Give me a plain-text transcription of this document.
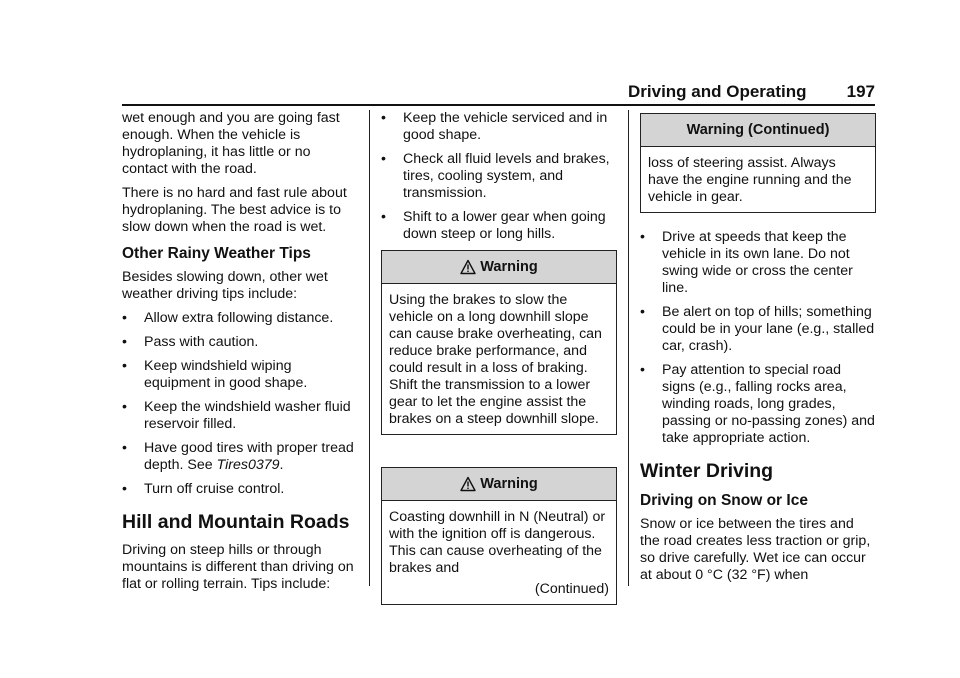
Driving and Operating 197

wet enough and you are going fast enough. When the vehicle is hydroplaning, it has little or no contact with the road.

There is no hard and fast rule about hydroplaning. The best advice is to slow down when the road is wet.

Other Rainy Weather Tips

Besides slowing down, other wet weather driving tips include:

•	Allow extra following distance.
•	Pass with caution.
•	Keep windshield wiping equipment in good shape.
•	Keep the windshield washer fluid reservoir filled.
•	Have good tires with proper tread depth. See Tires0379.
•	Turn off cruise control.
Hill and Mountain Roads

Driving on steep hills or through mountains is different than driving on flat or rolling terrain. Tips include:

•	Keep the vehicle serviced and in good shape.
•	Check all fluid levels and brakes, tires, cooling system, and transmission.
•	Shift to a lower gear when going down steep or long hills.
Warning
Using the brakes to slow the vehicle on a long downhill slope can cause brake overheating, can reduce brake performance, and could result in a loss of braking. Shift the transmission to a lower gear to let the engine assist the brakes on a steep downhill slope.
Warning
Coasting downhill in N (Neutral) or with the ignition off is dangerous. This can cause overheating of the brakes and
(Continued)
Warning (Continued)
loss of steering assist. Always have the engine running and the vehicle in gear.
•	Drive at speeds that keep the vehicle in its own lane. Do not swing wide or cross the center line.
•	Be alert on top of hills; something could be in your lane (e.g., stalled car, crash).
•	Pay attention to special road signs (e.g., falling rocks area, winding roads, long grades, passing or no-passing zones) and take appropriate action.
Winter Driving
Driving on Snow or Ice

Snow or ice between the tires and the road creates less traction or grip, so drive carefully. Wet ice can occur at about 0 °C (32 °F) when
